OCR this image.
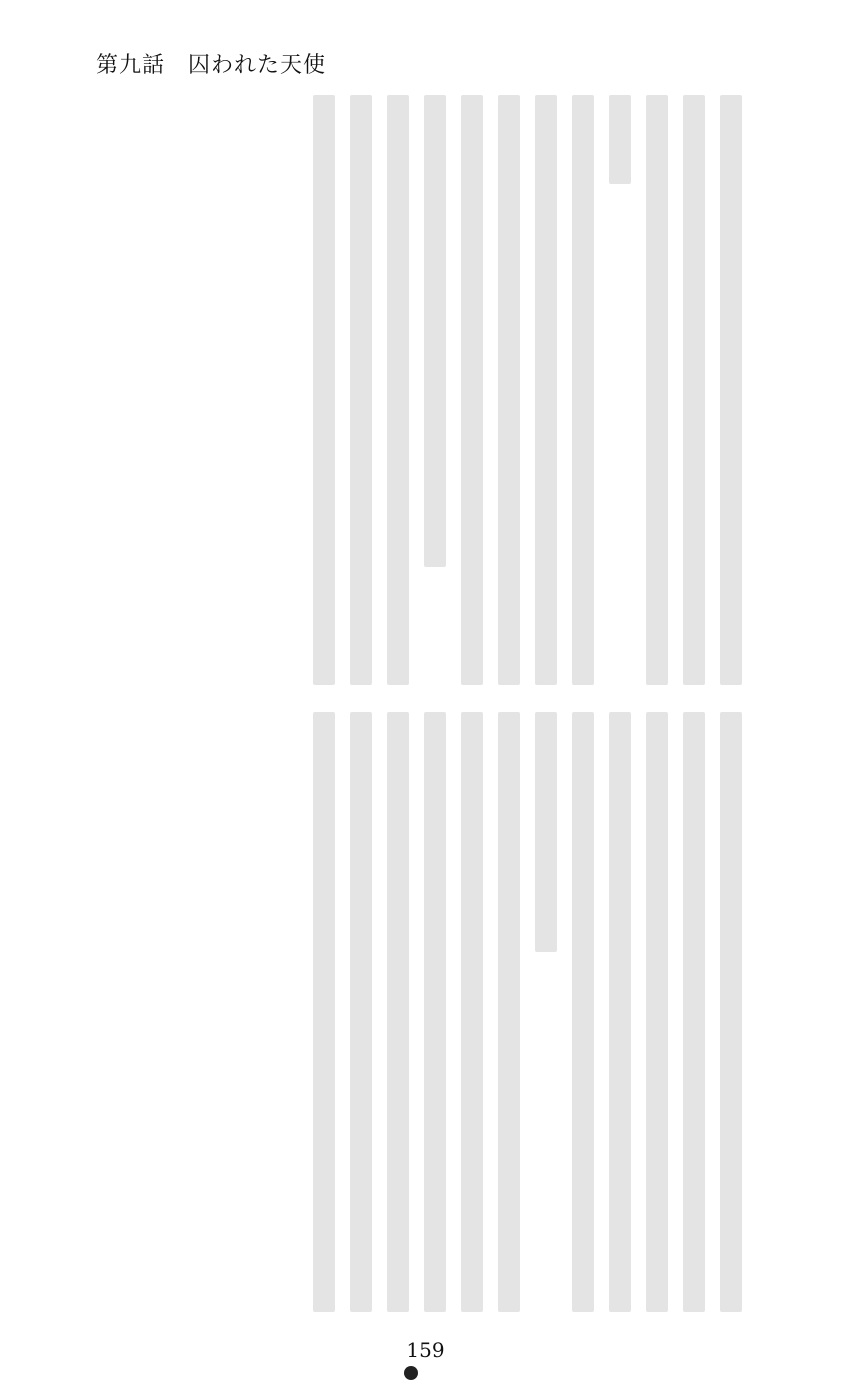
第九話　囚われた天使
159
